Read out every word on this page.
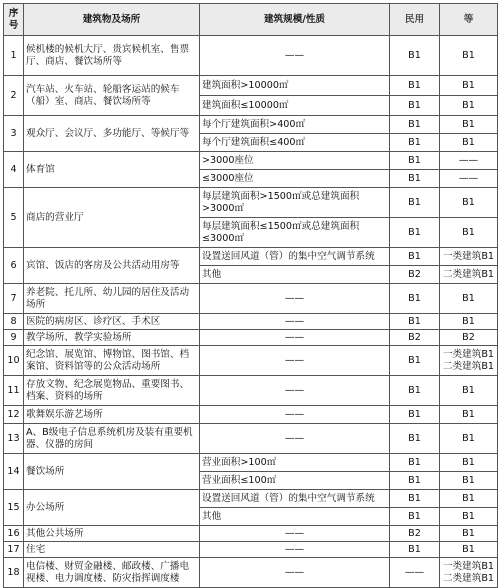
序号	建筑物及场所	建筑规模/性质	民用	等
1	候机楼的候机大厅、贵宾候机室、售票厅、商店、餐饮场所等	——	B1	B1
2	汽车站、火车站、轮船客运站的候车（船）室、商店、餐饮场所等	建筑面积>10000㎡	B1	B1
		建筑面积≤10000㎡	B1	B1
3	观众厅、会议厅、多功能厅、等候厅等	每个厅建筑面积>400㎡	B1	B1
		每个厅建筑面积≤400㎡	B1	B1
4	体育馆	>3000座位	B1	——
		≤3000座位	B1	——
5	商店的营业厅	每层建筑面积>1500㎡或总建筑面积>3000㎡	B1	B1
		每层建筑面积≤1500㎡或总建筑面积≤3000㎡	B1	B1
6	宾馆、饭店的客房及公共活动用房等	设置送回风道（管）的集中空气调节系统	B1	一类建筑B1
		其他	B2	二类建筑B1
7	养老院、托儿所、幼儿园的居住及活动场所	——	B1	B1
8	医院的病房区、诊疗区、手术区	——	B1	B1
9	教学场所、教学实验场所	——	B2	B2
10	纪念馆、展览馆、博物馆、图书馆、档案馆、资料馆等的公众活动场所	——	B1	一类建筑B1 二类建筑B1
11	存放文物、纪念展览物品、重要图书、档案、资料的场所	——	B1	B1
12	歌舞娱乐游艺场所	——	B1	B1
13	A、B级电子信息系统机房及装有重要机器、仪器的房间	——	B1	B1
14	餐饮场所	营业面积>100㎡	B1	B1
		营业面积≤100㎡	B1	B1
15	办公场所	设置送回风道（管）的集中空气调节系统	B1	B1
		其他	B1	B1
16	其他公共场所	——	B2	B1
17	住宅	——	B1	B1
18	电信楼、财贸金融楼、邮政楼、广播电视楼、电力调度楼、防灾指挥调度楼	——	——	一类建筑B1 二类建筑B1
